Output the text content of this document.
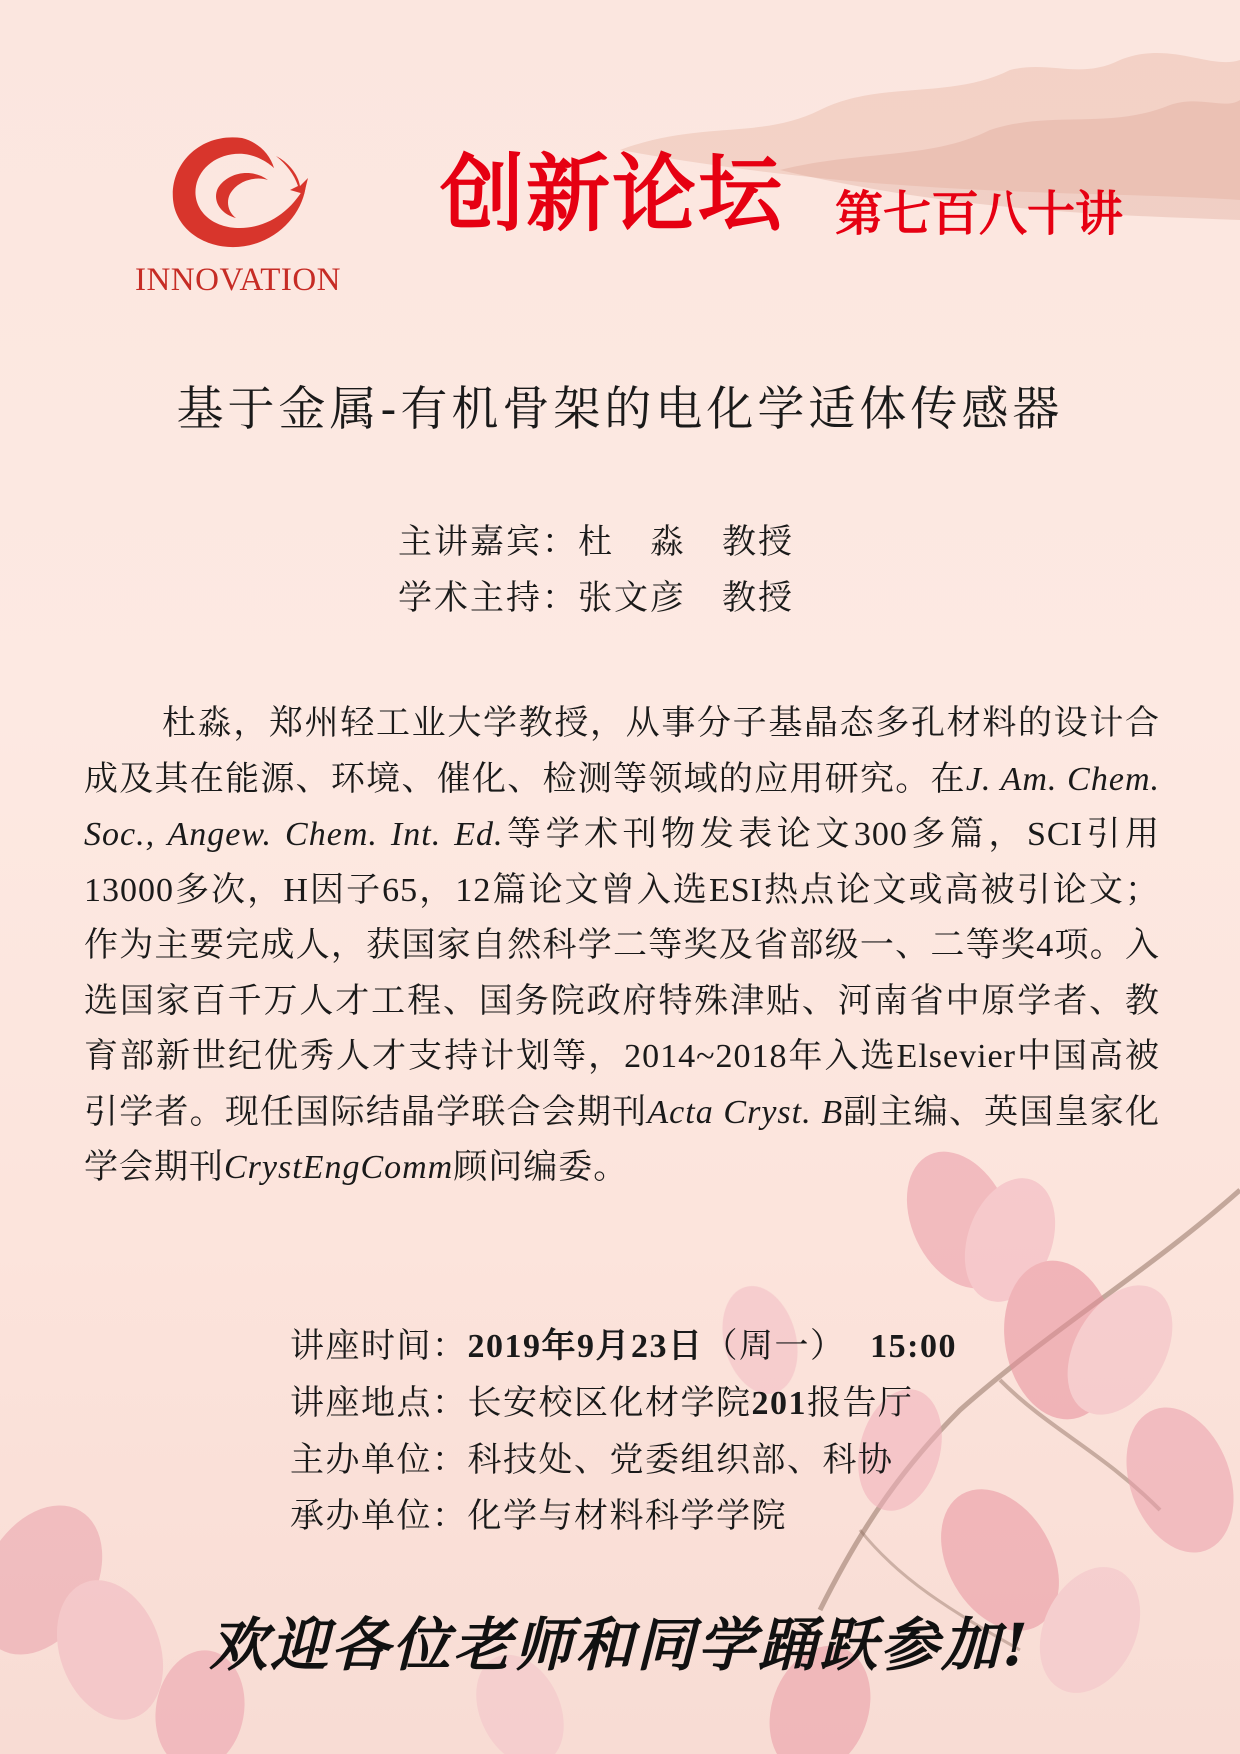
INNOVATION
创新论坛 第七百八十讲
基于金属-有机骨架的电化学适体传感器
主讲嘉宾：杜　淼　教授
学术主持：张文彦　教授
杜淼，郑州轻工业大学教授，从事分子基晶态多孔材料的设计合成及其在能源、环境、催化、检测等领域的应用研究。在J. Am. Chem. Soc., Angew. Chem. Int. Ed.等学术刊物发表论文300多篇，SCI引用13000多次，H因子65，12篇论文曾入选ESI热点论文或高被引论文；作为主要完成人，获国家自然科学二等奖及省部级一、二等奖4项。入选国家百千万人才工程、国务院政府特殊津贴、河南省中原学者、教育部新世纪优秀人才支持计划等，2014~2018年入选Elsevier中国高被引学者。现任国际结晶学联合会期刊Acta Cryst. B副主编、英国皇家化学会期刊CrystEngComm顾问编委。
讲座时间：2019年9月23日（周一） 15:00
讲座地点：长安校区化材学院201报告厅
主办单位：科技处、党委组织部、科协
承办单位：化学与材料科学学院
欢迎各位老师和同学踊跃参加!
